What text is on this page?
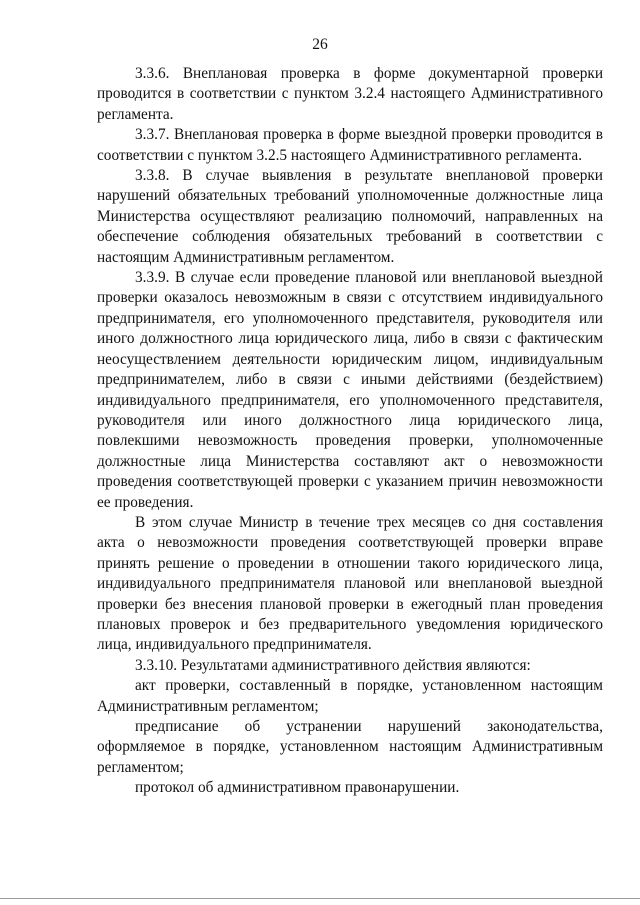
26

3.3.6. Внеплановая проверка в форме документарной проверки проводится в соответствии с пунктом 3.2.4 настоящего Административного регламента.

3.3.7. Внеплановая проверка в форме выездной проверки проводится в соответствии с пунктом 3.2.5 настоящего Административного регламента.

3.3.8. В случае выявления в результате внеплановой проверки нарушений обязательных требований уполномоченные должностные лица Министерства осуществляют реализацию полномочий, направленных на обеспечение соблюдения обязательных требований в соответствии с настоящим Административным регламентом.

3.3.9. В случае если проведение плановой или внеплановой выездной проверки оказалось невозможным в связи с отсутствием индивидуального предпринимателя, его уполномоченного представителя, руководителя или иного должностного лица юридического лица, либо в связи с фактическим неосуществлением деятельности юридическим лицом, индивидуальным предпринимателем, либо в связи с иными действиями (бездействием) индивидуального предпринимателя, его уполномоченного представителя, руководителя или иного должностного лица юридического лица, повлекшими невозможность проведения проверки, уполномоченные должностные лица Министерства составляют акт о невозможности проведения соответствующей проверки с указанием причин невозможности ее проведения.

В этом случае Министр в течение трех месяцев со дня составления акта о невозможности проведения соответствующей проверки вправе принять решение о проведении в отношении такого юридического лица, индивидуального предпринимателя плановой или внеплановой выездной проверки без внесения плановой проверки в ежегодный план проведения плановых проверок и без предварительного уведомления юридического лица, индивидуального предпринимателя.

3.3.10. Результатами административного действия являются:

акт проверки, составленный в порядке, установленном настоящим Административным регламентом;

предписание об устранении нарушений законодательства, оформляемое в порядке, установленном настоящим Административным регламентом;

протокол об административном правонарушении.
